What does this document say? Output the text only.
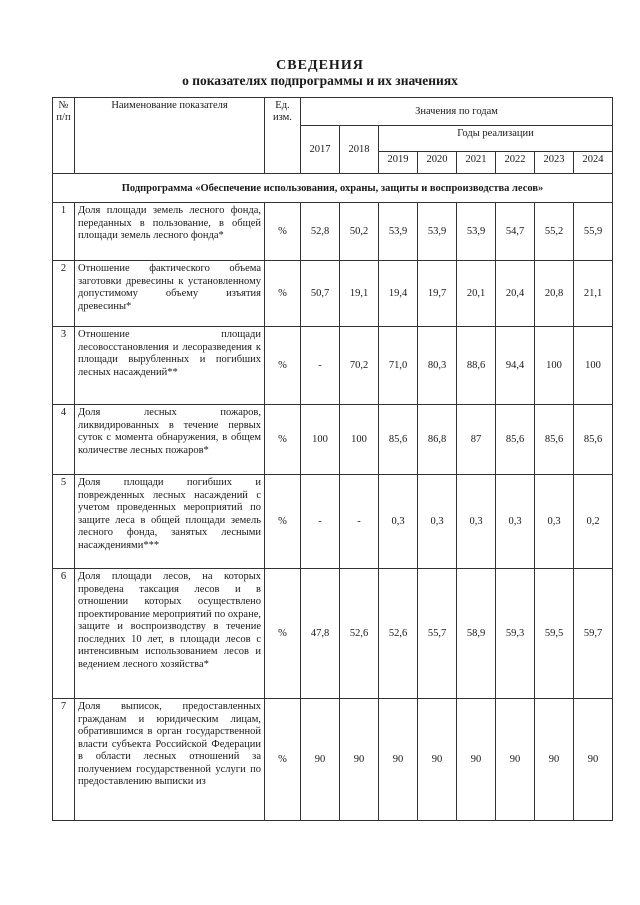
СВЕДЕНИЯ
о показателях подпрограммы и их значениях
№ п/п	Наименование показателя	Ед. изм.	Значения по годам							
			2017	2018	Годы реализации					
					2019	2020	2021	2022	2023	2024
Подпрограмма «Обеспечение использования, охраны, защиты и воспроизводства лесов»										
1	Доля площади земель лесного фонда, переданных в пользование, в общей площади земель лесного фонда*	%	52,8	50,2	53,9	53,9	53,9	54,7	55,2	55,9
2	Отношение фактического объема заготовки древесины к установленному допустимому объему изъятия древесины*	%	50,7	19,1	19,4	19,7	20,1	20,4	20,8	21,1
3	Отношение площади лесовосстановления и лесоразведения к площади вырубленных и погибших лесных насаждений**	%	-	70,2	71,0	80,3	88,6	94,4	100	100
4	Доля лесных пожаров, ликвидированных в течение первых суток с момента обнаружения, в общем количестве лесных пожаров*	%	100	100	85,6	86,8	87	85,6	85,6	85,6
5	Доля площади погибших и поврежденных лесных насаждений с учетом проведенных мероприятий по защите леса в общей площади земель лесного фонда, занятых лесными насаждениями***	%	-	-	0,3	0,3	0,3	0,3	0,3	0,2
6	Доля площади лесов, на которых проведена таксация лесов и в отношении которых осуществлено проектирование мероприятий по охране, защите и воспроизводству в течение последних 10 лет, в площади лесов с интенсивным использованием лесов и ведением лесного хозяйства*	%	47,8	52,6	52,6	55,7	58,9	59,3	59,5	59,7
7	Доля выписок, предоставленных гражданам и юридическим лицам, обратившимся в орган государственной власти субъекта Российской Федерации в области лесных отношений за получением государственной услуги по предоставлению выписки из	%	90	90	90	90	90	90	90	90
